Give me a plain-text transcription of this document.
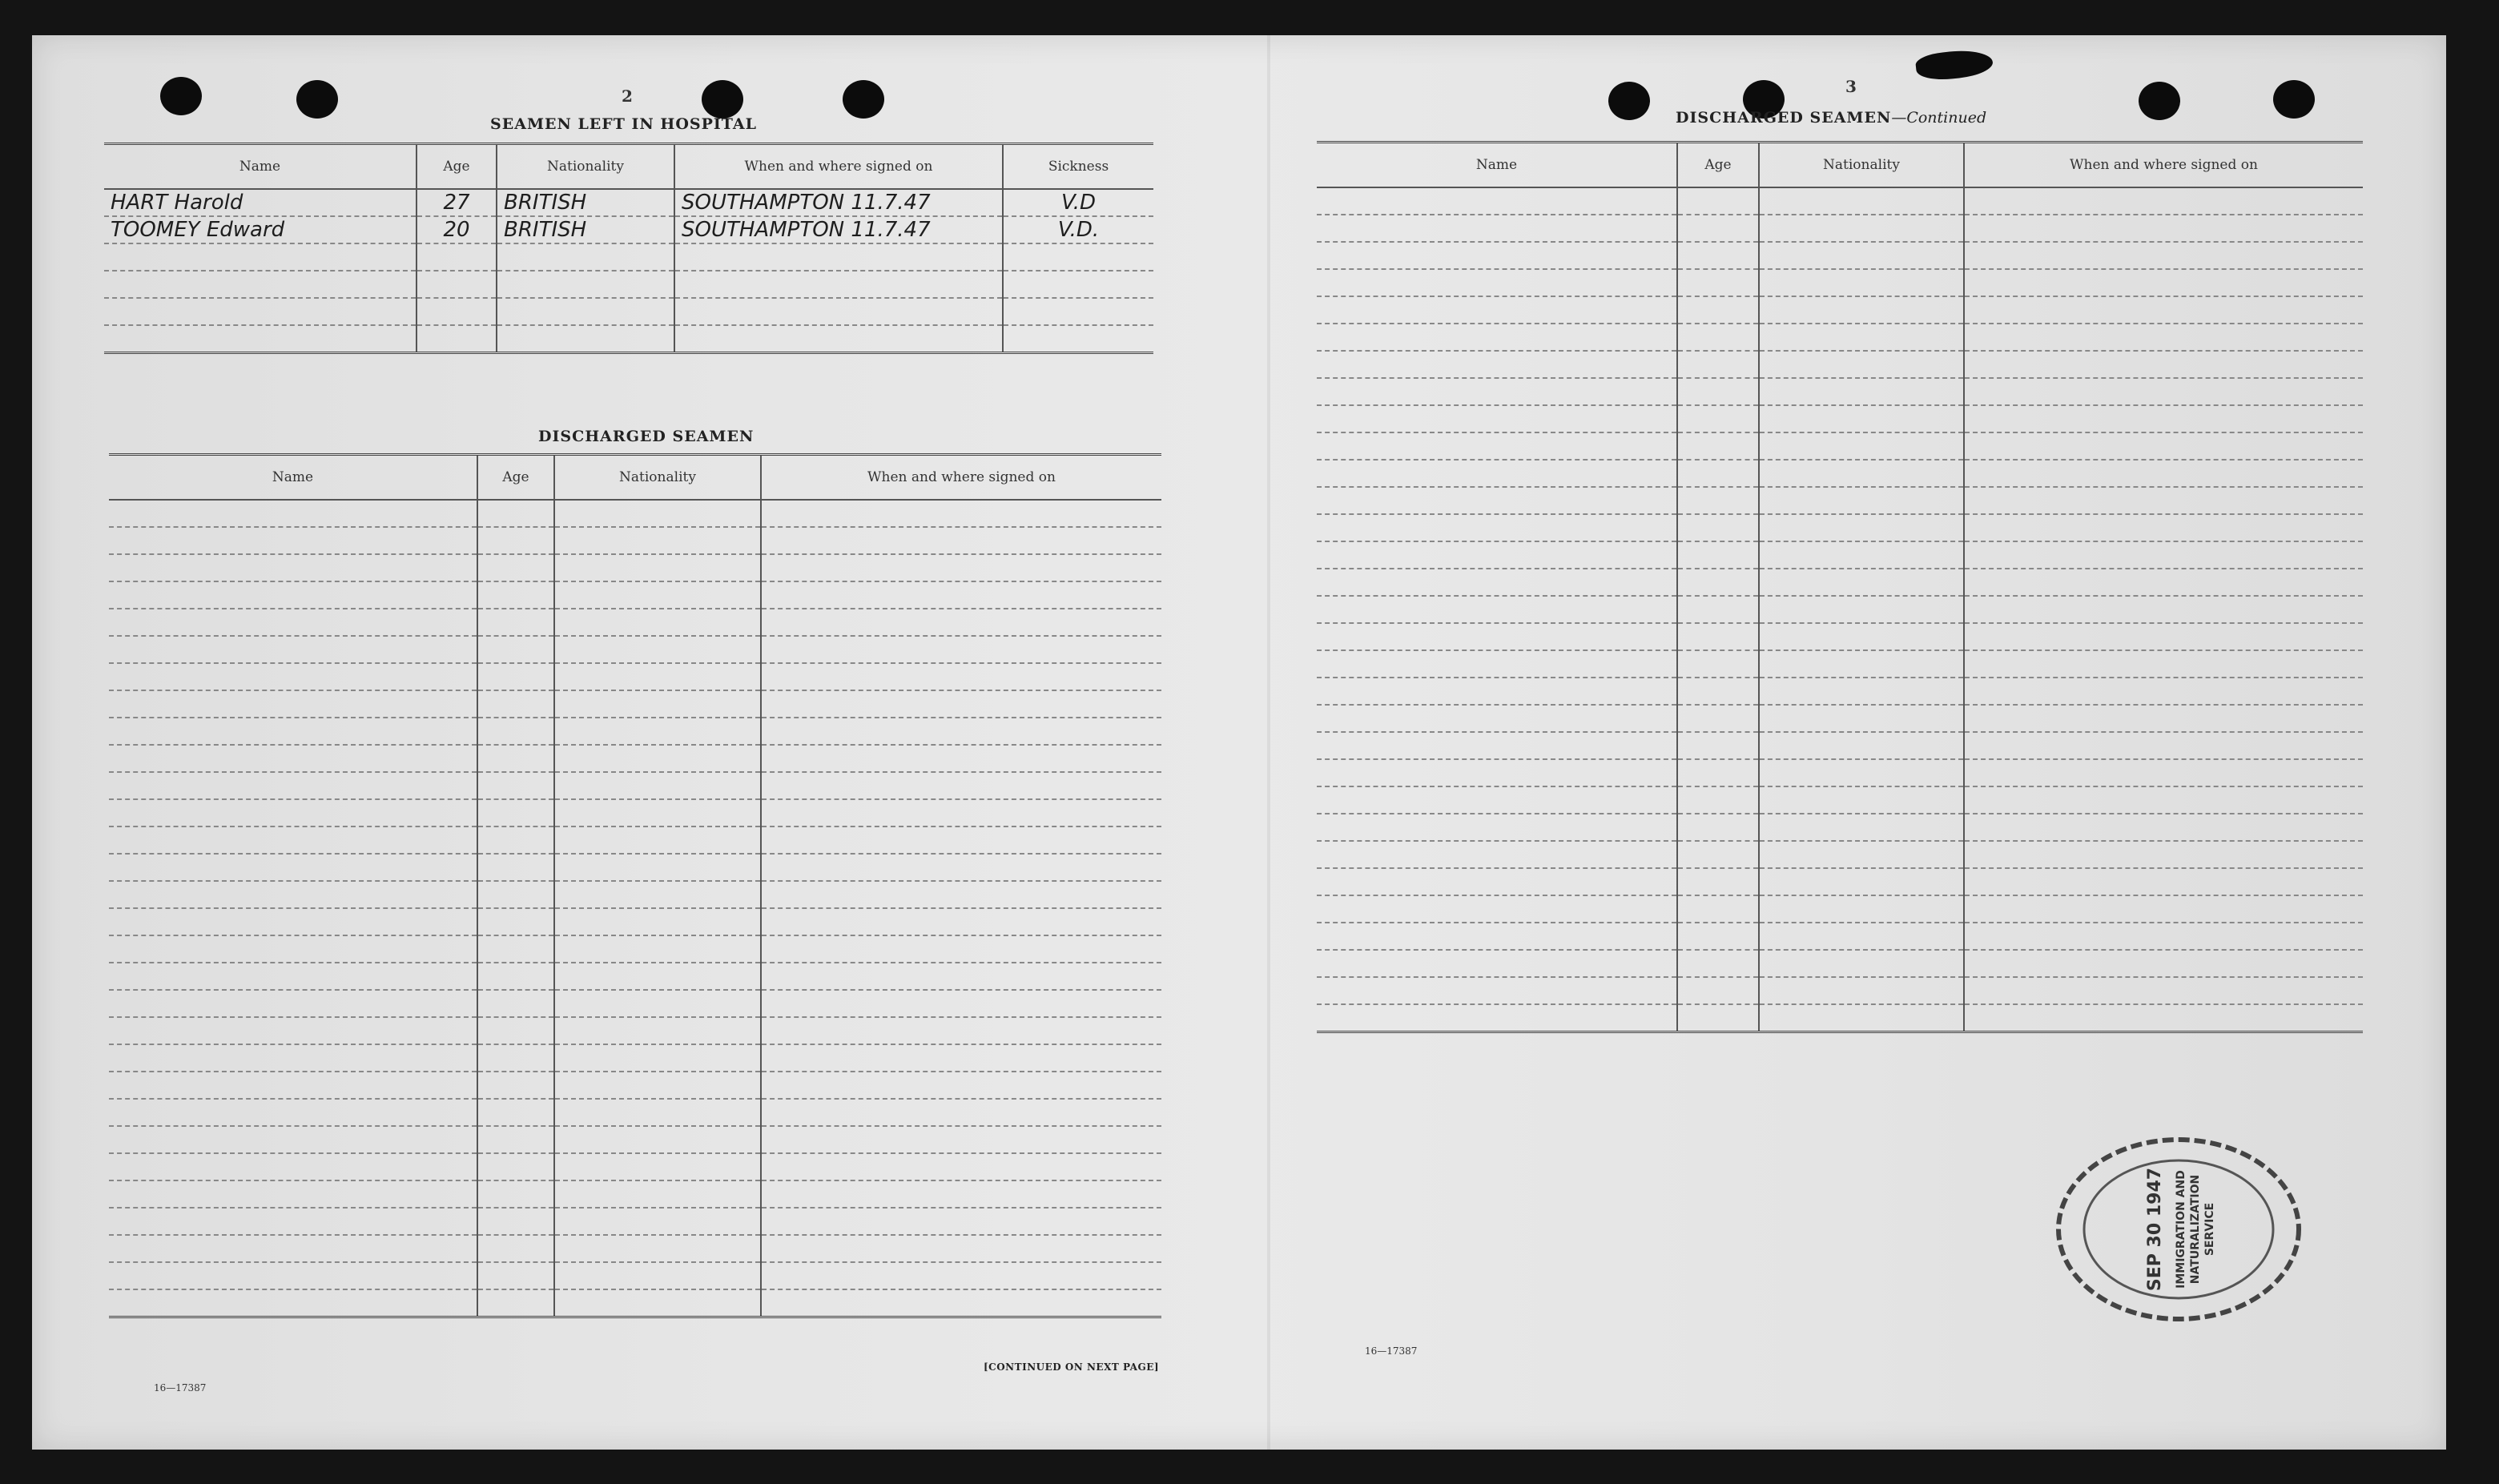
2
SEAMEN LEFT IN HOSPITAL
Name	Age	Nationality	When and where signed on	Sickness
HART Harold	27	BRITISH	SOUTHAMPTON 11.7.47	V.D
TOOMEY Edward	20	BRITISH	SOUTHAMPTON 11.7.47	V.D.

DISCHARGED SEAMEN
Name	Age	Nationality	When and where signed on

16—17387
[CONTINUED ON NEXT PAGE]
3
DISCHARGED SEAMEN—Continued
Name	Age	Nationality	When and where signed on

16—17387
SEP 30 1947 IMMIGRATION AND NATURALIZATION SERVICE
